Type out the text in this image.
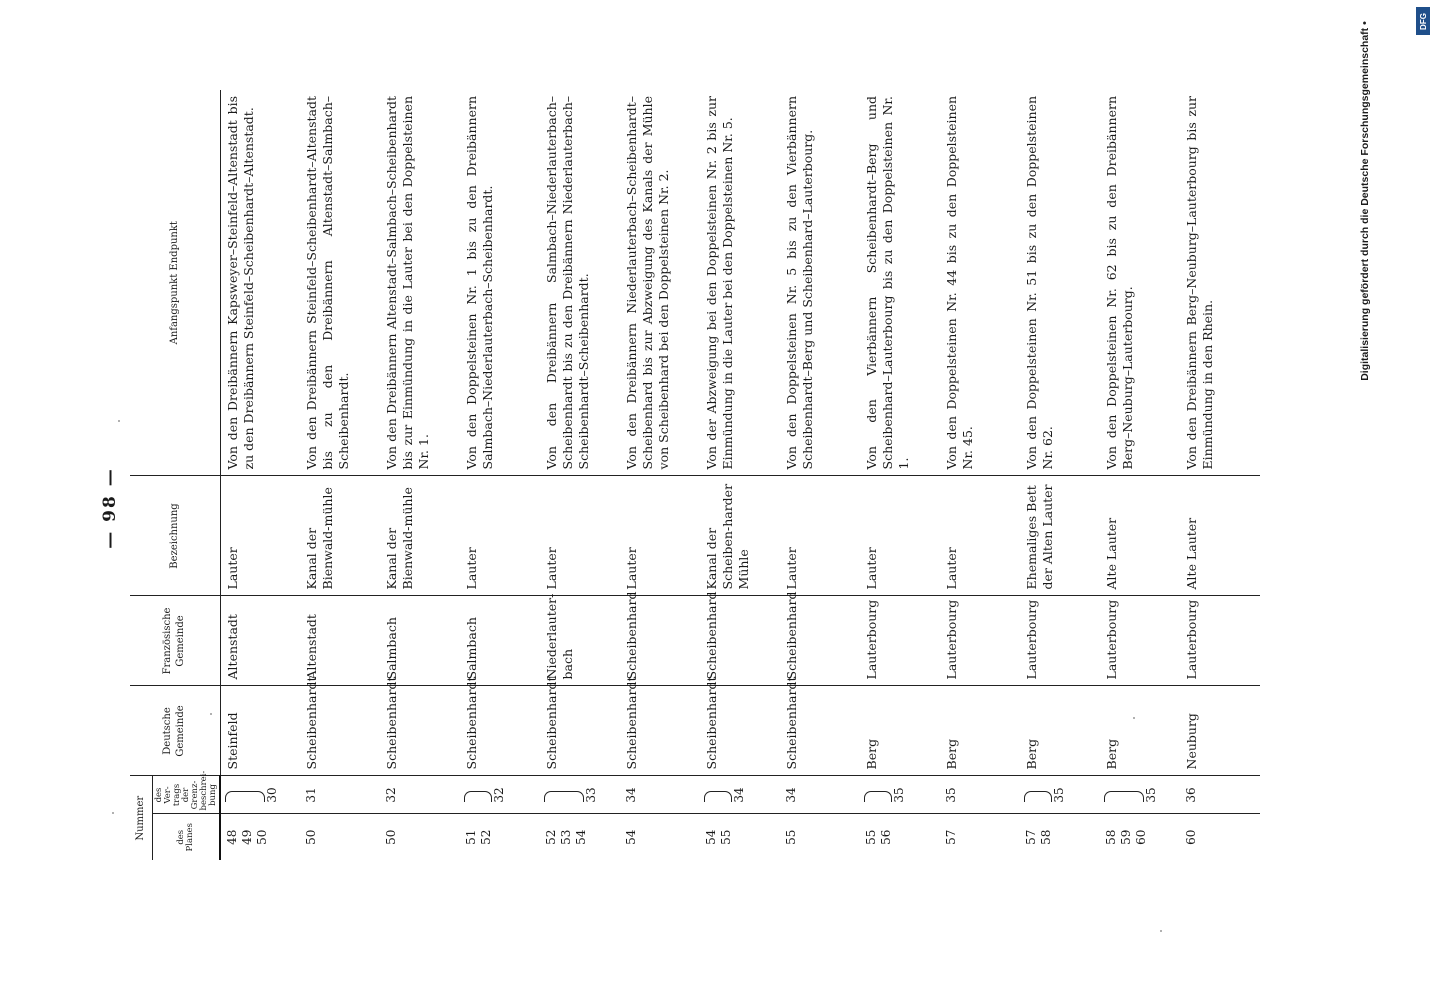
— 98 —
Nummer		Deutsche Gemeinde	Französische Gemeinde	Bezeichnung	Anfangspunkt Endpunkt
des Planes	des Ver- trags der Grenz- beschrei- bung				

48 49 50	30	Steinfeld	Altenstadt	Lauter	Von den Dreibännern Kapsweyer–Steinfeld–Altenstadt bis zu den Dreibännern Steinfeld–Scheibenhardt–Altenstadt.

50	31	Scheibenhardt	Altenstadt	Kanal der Bienwald-mühle	Von den Dreibännern Steinfeld–Scheibenhardt–Altenstadt bis zu den Dreibännern Altenstadt–Salmbach–Scheibenhardt.

50	32	Scheibenhardt	Salmbach	Kanal der Bienwald-mühle	Von den Dreibännern Altenstadt–Salmbach–Scheibenhardt bis zur Einmündung in die Lauter bei den Doppelsteinen Nr. 1.

51 52	32	Scheibenhardt	Salmbach	Lauter	Von den Doppelsteinen Nr. 1 bis zu den Dreibännern Salmbach–Niederlauterbach–Scheibenhardt.

52 53 54	33	Scheibenhardt	Niederlauter-bach	Lauter	Von den Dreibännern Salmbach–Niederlauterbach–Scheibenhardt bis zu den Dreibännern Niederlauterbach–Scheibenhardt–Scheibenhardt.

54	34	Scheibenhardt	Scheibenhard	Lauter	Von den Dreibännern Niederlauterbach–Scheibenhardt–Scheibenhard bis zur Abzweigung des Kanals der Mühle von Scheibenhard bei den Doppelsteinen Nr. 2.

54 55	34	Scheibenhardt	Scheibenhard	Kanal der Scheiben-harder Mühle	Von der Abzweigung bei den Doppelsteinen Nr. 2 bis zur Einmündung in die Lauter bei den Doppelsteinen Nr. 5.

55	34	Scheibenhardt	Scheibenhard	Lauter	Von den Doppelsteinen Nr. 5 bis zu den Vierbännern Scheibenhardt–Berg und Scheibenhard–Lauterbourg.

55 56	35	Berg	Lauterbourg	Lauter	Von den Vierbännern Scheibenhardt–Berg und Scheibenhard–Lauterbourg bis zu den Doppelsteinen Nr. 1.

57	35	Berg	Lauterbourg	Lauter	Von den Doppelsteinen Nr. 44 bis zu den Doppelsteinen Nr. 45.

57 58	35	Berg	Lauterbourg	Ehemaliges Bett der Alten Lauter	Von den Doppelsteinen Nr. 51 bis zu den Doppelsteinen Nr. 62.

58 59 60	35	Berg	Lauterbourg	Alte Lauter	Von den Doppelsteinen Nr. 62 bis zu den Dreibännern Berg–Neuburg–Lauterbourg.

60	36	Neuburg	Lauterbourg	Alte Lauter	Von den Dreibännern Berg–Neuburg–Lauterbourg bis zur Einmündung in den Rhein.
Digitalisierung gefördert durch die Deutsche Forschungsgemeinschaft •
DFG
